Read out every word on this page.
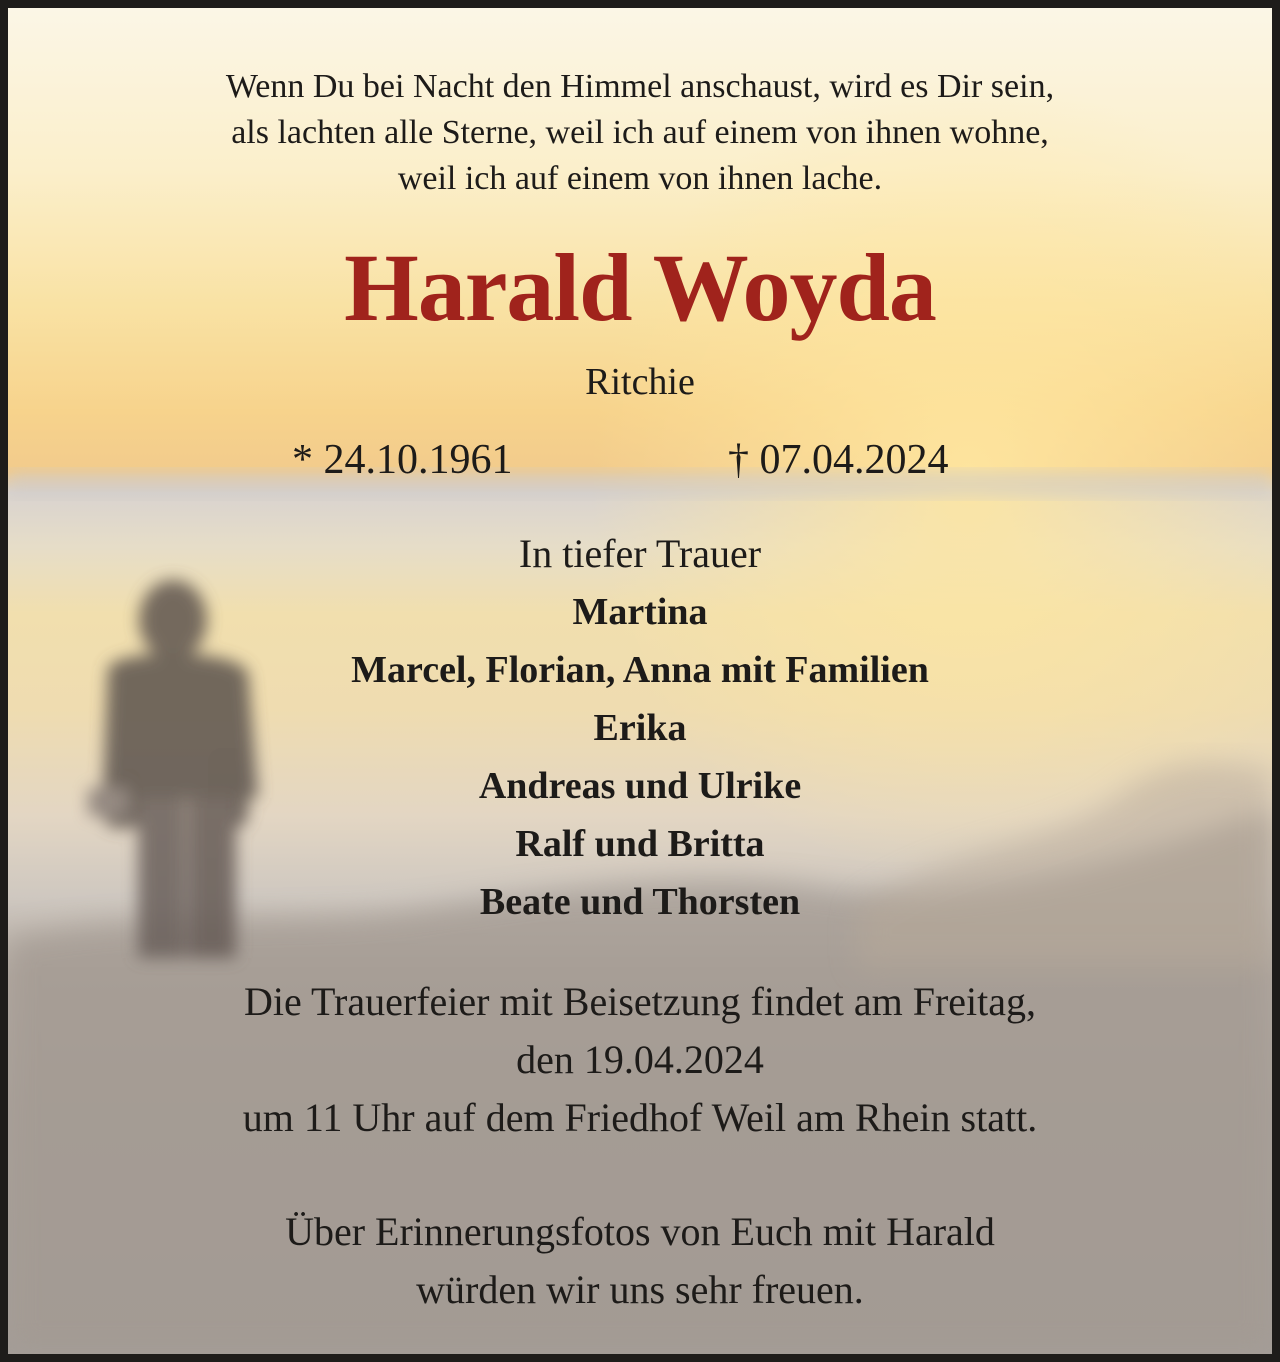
Wenn Du bei Nacht den Himmel anschaust, wird es Dir sein,
als lachten alle Sterne, weil ich auf einem von ihnen wohne,
weil ich auf einem von ihnen lache.
Harald Woyda
Ritchie
* 24.10.1961	† 07.04.2024
In tiefer Trauer
Martina
Marcel, Florian, Anna mit Familien
Erika
Andreas und Ulrike
Ralf und Britta
Beate und Thorsten
Die Trauerfeier mit Beisetzung findet am Freitag,
den 19.04.2024
um 11 Uhr auf dem Friedhof Weil am Rhein statt.
Über Erinnerungsfotos von Euch mit Harald
würden wir uns sehr freuen.
